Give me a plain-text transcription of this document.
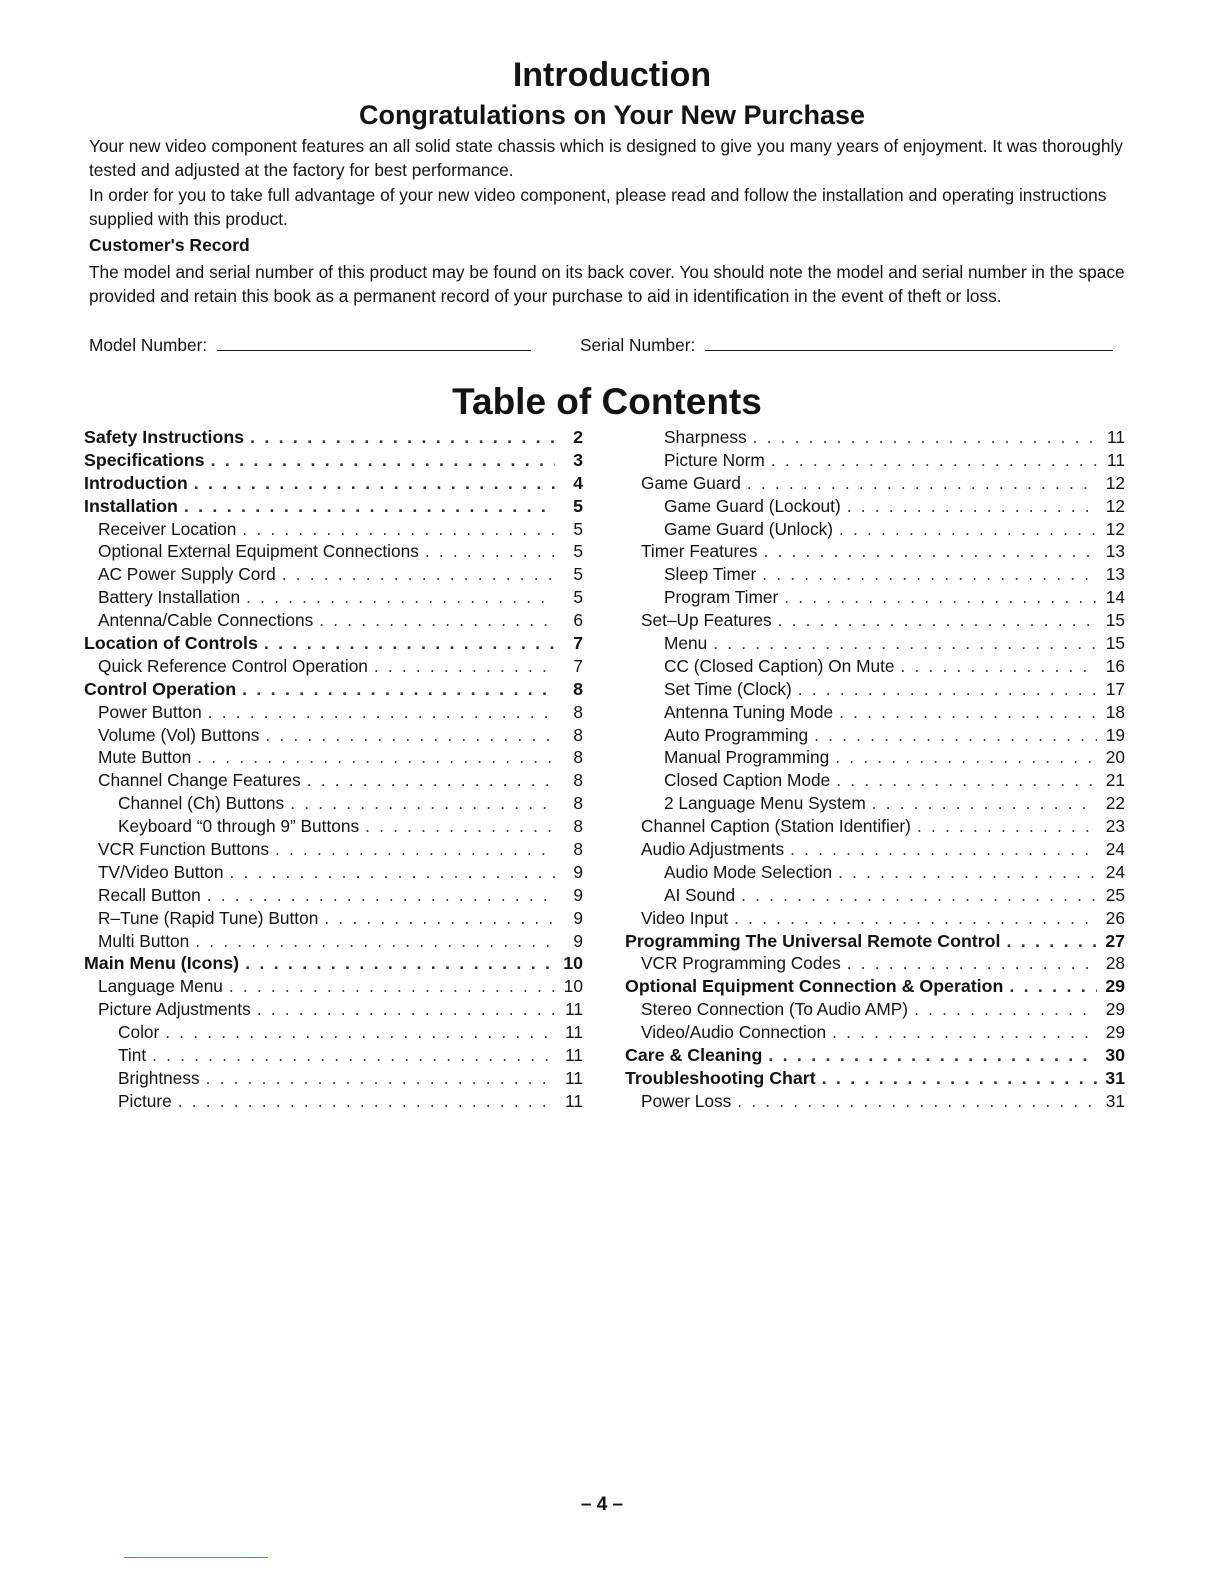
Introduction
Congratulations on Your New Purchase

Your new video component features an all solid state chassis which is designed to give you many years of enjoyment. It was thoroughly tested and adjusted at the factory for best performance.

In order for you to take full advantage of your new video component, please read and follow the installation and operating instructions supplied with this product.

Customer's Record

The model and serial number of this product may be found on its back cover. You should note the model and serial number in the space provided and retain this book as a permanent record of your purchase to aid in identification in the event of theft or loss.

Model Number:	Serial Number:
Table of Contents
Safety Instructions . . .	2
Specifications . . .	3
Introduction . . .	4
Installation . . .	5
Receiver Location . . .	5
Optional External Equipment Connections . . .	5
AC Power Supply Cord . . .	5
Battery Installation . . .	5
Antenna/Cable Connections . . .	6
Location of Controls . . .	7
Quick Reference Control Operation . . .	7
Control Operation . . .	8
Power Button . . .	8
Volume (Vol) Buttons . . .	8
Mute Button . . .	8
Channel Change Features . . .	8
Channel (Ch) Buttons . . .	8
Keyboard “0 through 9” Buttons . . .	8
VCR Function Buttons . . .	8
TV/Video Button . . .	9
Recall Button . . .	9
R–Tune (Rapid Tune) Button . . .	9
Multi Button . . .	9
Main Menu (Icons) . . .	10
Language Menu . . .	10
Picture Adjustments . . .	11
Color . . .	11
Tint . . .	11
Brightness . . .	11
Picture . . .	11
Sharpness . . .	11
Picture Norm . . .	11
Game Guard . . .	12
Game Guard (Lockout) . . .	12
Game Guard (Unlock) . . .	12
Timer Features . . .	13
Sleep Timer . . .	13
Program Timer . . .	14
Set–Up Features . . .	15
Menu . . .	15
CC (Closed Caption) On Mute . . .	16
Set Time (Clock) . . .	17
Antenna Tuning Mode . . .	18
Auto Programming . . .	19
Manual Programming . . .	20
Closed Caption Mode . . .	21
2 Language Menu System . . .	22
Channel Caption (Station Identifier) . . .	23
Audio Adjustments . . .	24
Audio Mode Selection . . .	24
AI Sound . . .	25
Video Input . . .	26
Programming The Universal Remote Control . . .	27
VCR Programming Codes . . .	28
Optional Equipment Connection & Operation . . .	29
Stereo Connection (To Audio AMP) . . .	29
Video/Audio Connection . . .	29
Care & Cleaning . . .	30
Troubleshooting Chart . . .	31
Power Loss . . .	31
– 4 –
